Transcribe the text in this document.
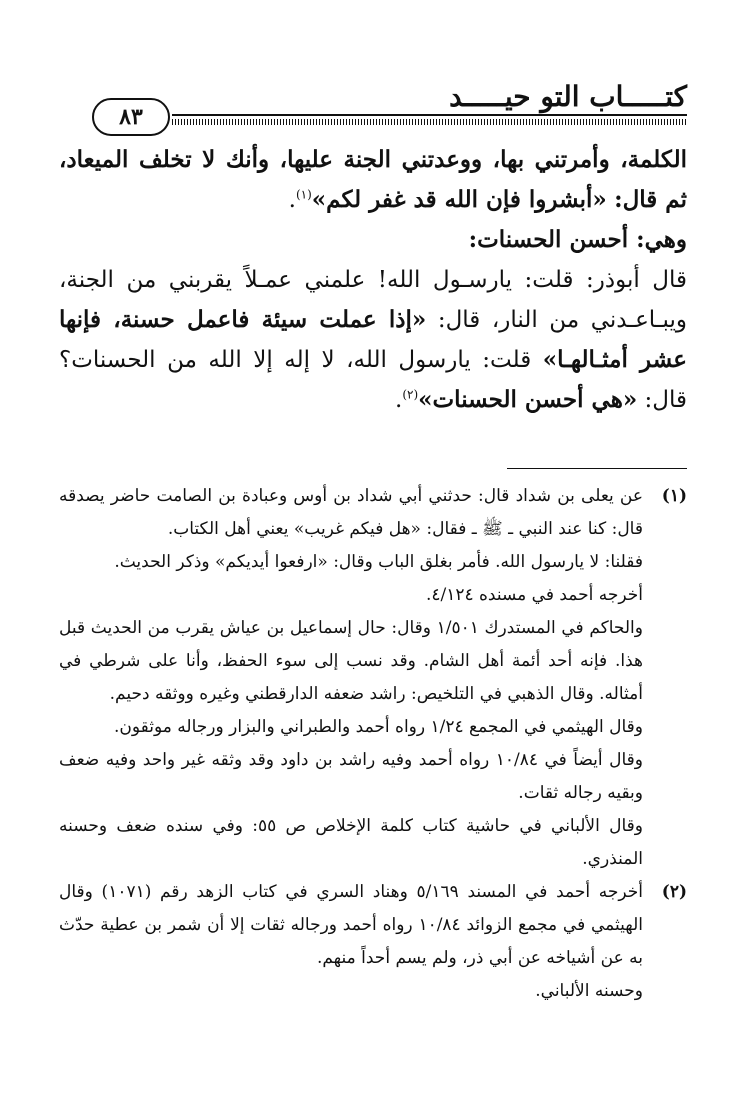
كتـــــاب التو حيـــــد
٨٣

الكلمة، وأمرتني بها، ووعدتني الجنة عليها، وأنك لا تخلف الميعاد، ثم قال: «أبشروا فإن الله قد غفر لكم»$^{(١)}$.

وهي: أحسن الحسنات:

قال أبوذر: قلت: يارسـول الله! علمني عمـلاً يقربني من الجنة، ويبـاعـدني من النار، قال: «إذا عملت سيئة فاعمل حسنة، فإنها عشر أمثـالهـا» قلت: يارسول الله، لا إله إلا الله من الحسنات؟ قال: «هي أحسن الحسنات»$^{(٢)}$.

(١)

عن يعلى بن شداد قال: حدثني أبي شداد بن أوس وعبادة بن الصامت حاضر يصدقه قال: كنا عند النبي ـ ﷺ ـ فقال: «هل فيكم غريب» يعني أهل الكتاب.

فقلنا: لا يارسول الله. فأمر بغلق الباب وقال: «ارفعوا أيديكم» وذكر الحديث.

أخرجه أحمد في مسنده ٤/١٢٤.

والحاكم في المستدرك ١/٥٠١ وقال: حال إسماعيل بن عياش يقرب من الحديث قبل هذا. فإنه أحد أئمة أهل الشام. وقد نسب إلى سوء الحفظ، وأنا على شرطي في أمثاله. وقال الذهبي في التلخيص: راشد ضعفه الدارقطني وغيره ووثقه دحيم.

وقال الهيثمي في المجمع ١/٢٤ رواه أحمد والطبراني والبزار ورجاله موثقون.

وقال أيضاً في ١٠/٨٤ رواه أحمد وفيه راشد بن داود وقد وثقه غير واحد وفيه ضعف وبقيه رجاله ثقات.

وقال الألباني في حاشية كتاب كلمة الإخلاص ص ٥٥: وفي سنده ضعف وحسنه المنذري.

(٢)

أخرجه أحمد في المسند ٥/١٦٩ وهناد السري في كتاب الزهد رقم (١٠٧١) وقال الهيثمي في مجمع الزوائد ١٠/٨٤ رواه أحمد ورجاله ثقات إلا أن شمر بن عطية حدّث به عن أشياخه عن أبي ذر، ولم يسم أحداً منهم.

وحسنه الألباني.
